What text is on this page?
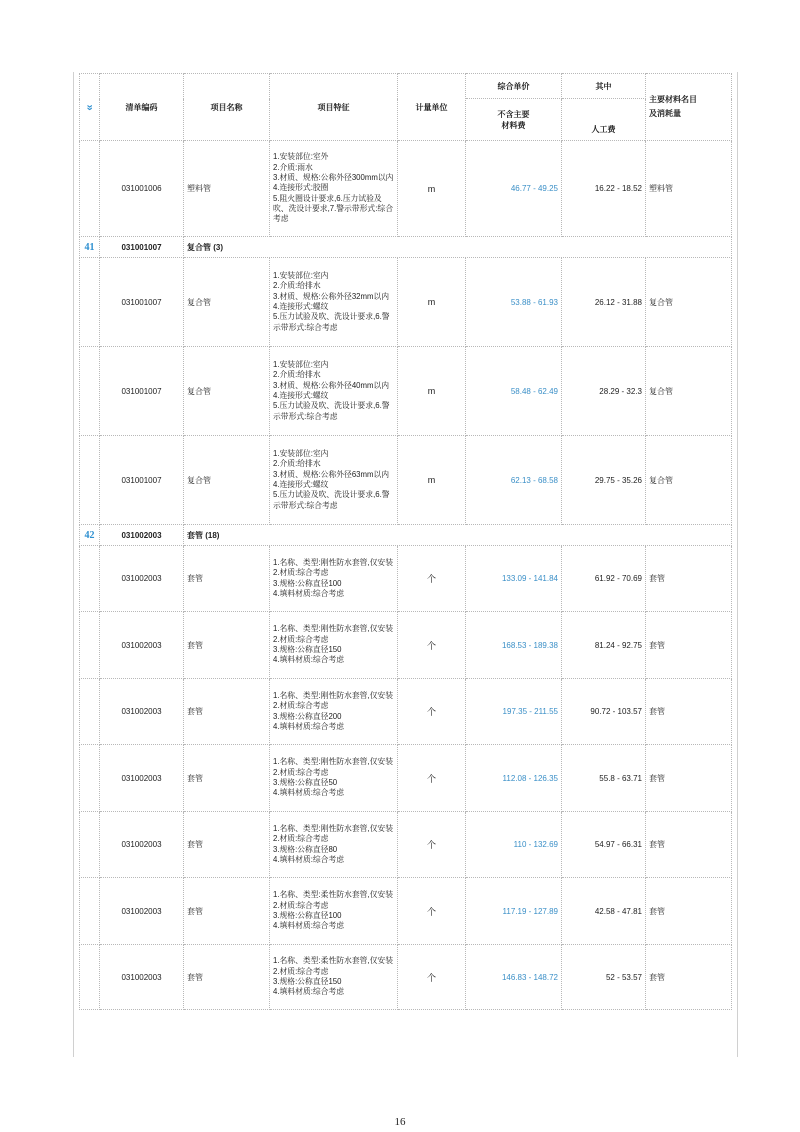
»	清单编码	项目名称	项目特征	计量单位	综合单价	其中	主要材料名目
及消耗量
					不含主要
材料费	人工费	
	031001006	塑料管	1.安装部位:室外
2.介质:雨水
3.材质、规格:公称外径300mm以内
4.连接形式:胶圈
5.阻火圈设计要求,6.压力试验及吹、洗设计要求,7.警示带形式:综合考虑	m	46.77 - 49.25	16.22 - 18.52	塑料管
41	031001007	复合管 (3)					
	031001007	复合管	1.安装部位:室内
2.介质:给排水
3.材质、规格:公称外径32mm以内
4.连接形式:螺纹
5.压力试验及吹、洗设计要求,6.警示带形式:综合考虑	m	53.88 - 61.93	26.12 - 31.88	复合管
	031001007	复合管	1.安装部位:室内
2.介质:给排水
3.材质、规格:公称外径40mm以内
4.连接形式:螺纹
5.压力试验及吹、洗设计要求,6.警示带形式:综合考虑	m	58.48 - 62.49	28.29 - 32.3	复合管
	031001007	复合管	1.安装部位:室内
2.介质:给排水
3.材质、规格:公称外径63mm以内
4.连接形式:螺纹
5.压力试验及吹、洗设计要求,6.警示带形式:综合考虑	m	62.13 - 68.58	29.75 - 35.26	复合管
42	031002003	套管 (18)					
	031002003	套管	1.名称、类型:刚性防水套管,仅安装
2.材质:综合考虑
3.规格:公称直径100
4.填料材质:综合考虑	个	133.09 - 141.84	61.92 - 70.69	套管
	031002003	套管	1.名称、类型:刚性防水套管,仅安装
2.材质:综合考虑
3.规格:公称直径150
4.填料材质:综合考虑	个	168.53 - 189.38	81.24 - 92.75	套管
	031002003	套管	1.名称、类型:刚性防水套管,仅安装
2.材质:综合考虑
3.规格:公称直径200
4.填料材质:综合考虑	个	197.35 - 211.55	90.72 - 103.57	套管
	031002003	套管	1.名称、类型:刚性防水套管,仅安装
2.材质:综合考虑
3.规格:公称直径50
4.填料材质:综合考虑	个	112.08 - 126.35	55.8 - 63.71	套管
	031002003	套管	1.名称、类型:刚性防水套管,仅安装
2.材质:综合考虑
3.规格:公称直径80
4.填料材质:综合考虑	个	110 - 132.69	54.97 - 66.31	套管
	031002003	套管	1.名称、类型:柔性防水套管,仅安装
2.材质:综合考虑
3.规格:公称直径100
4.填料材质:综合考虑	个	117.19 - 127.89	42.58 - 47.81	套管
	031002003	套管	1.名称、类型:柔性防水套管,仅安装
2.材质:综合考虑
3.规格:公称直径150
4.填料材质:综合考虑	个	146.83 - 148.72	52 - 53.57	套管
16
